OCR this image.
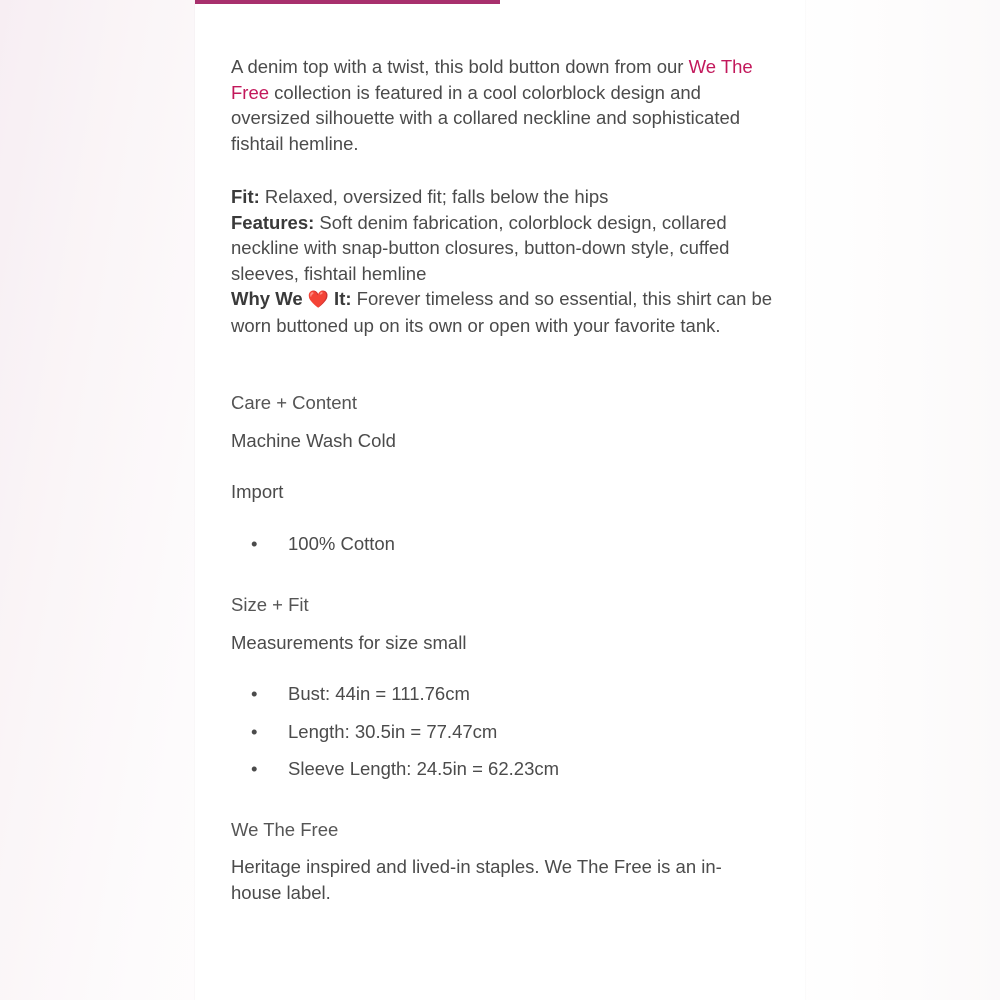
A denim top with a twist, this bold button down from our We The Free collection is featured in a cool colorblock design and oversized silhouette with a collared neckline and sophisticated fishtail hemline.

Fit: Relaxed, oversized fit; falls below the hips
Features: Soft denim fabrication, colorblock design, collared neckline with snap-button closures, button-down style, cuffed sleeves, fishtail hemline
Why We ❤️ It: Forever timeless and so essential, this shirt can be worn buttoned up on its own or open with your favorite tank.

Care + Content

Machine Wash Cold

Import

• 100% Cotton

Size + Fit

Measurements for size small

• Bust: 44in = 111.76cm
• Length: 30.5in = 77.47cm
• Sleeve Length: 24.5in = 62.23cm

We The Free

Heritage inspired and lived-in staples. We The Free is an in-house label.
